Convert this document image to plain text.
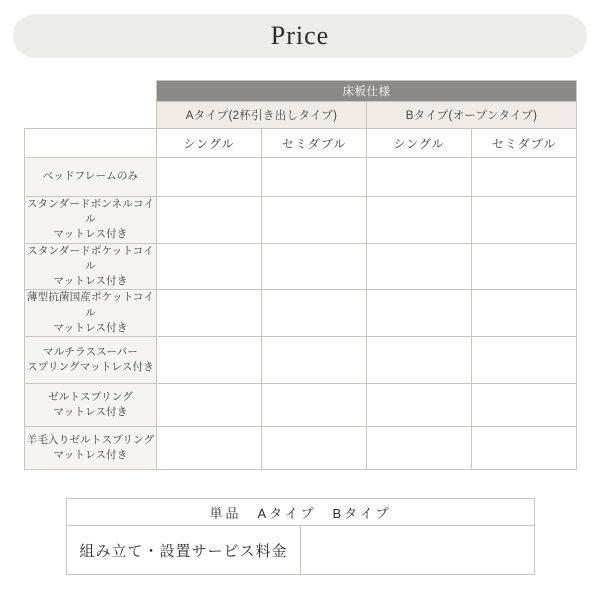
Price
	床板仕様			
	Aタイプ(2杯引き出しタイプ)		Bタイプ(オープンタイプ)	
	シングル	セミダブル	シングル	セミダブル
ベッドフレームのみ

スタンダードボンネルコイル
マットレス付き				

スタンダードポケットコイル
マットレス付き				

薄型抗菌国産ポケットコイル
マットレス付き				

マルチラススーパー
スプリングマットレス付き				

ゼルトスプリング
マットレス付き				

羊毛入りゼルトスプリング
マットレス付き				

単品　Aタイプ　Bタイプ
組み立て・設置サービス料金	
